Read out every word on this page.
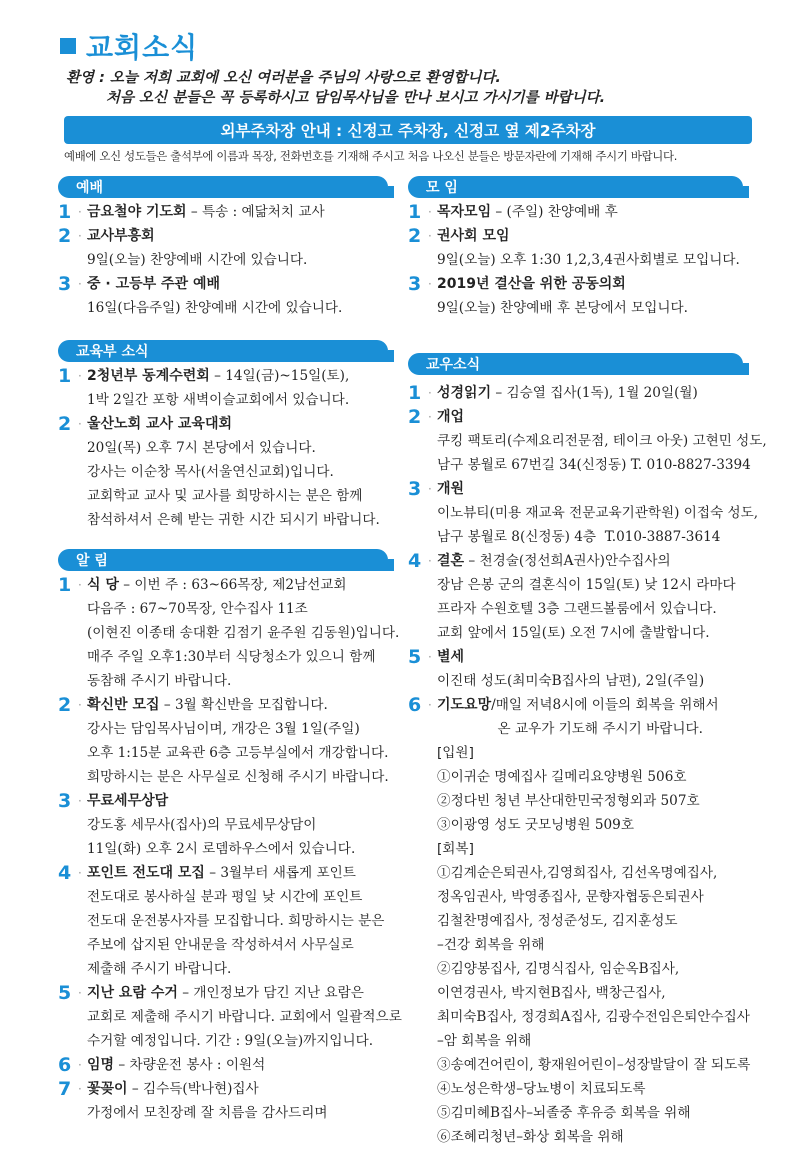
교회소식
환영 : 오늘 저희 교회에 오신 여러분을 주님의 사랑으로 환영합니다.
처음 오신 분들은 꼭 등록하시고 담임목사님을 만나 보시고 가시기를 바랍니다.
외부주차장 안내 : 신정고 주차장, 신정고 옆 제2주차장
예배에 오신 성도들은 출석부에 이름과 목장, 전화번호를 기재해 주시고 처음 나오신 분들은 방문자란에 기재해 주시기 바랍니다.
예배
1 · 금요철야 기도회 – 특송 : 예닮처치 교사
2 · 교사부흥회
9일(오늘) 찬양예배 시간에 있습니다.
3 · 중 · 고등부 주관 예배
16일(다음주일) 찬양예배 시간에 있습니다.
교육부 소식
1 · 2청년부 동계수련회 – 14일(금)~15일(토),
1박 2일간 포항 새벽이슬교회에서 있습니다.
2 · 울산노회 교사 교육대회
20일(목) 오후 7시 본당에서 있습니다.
강사는 이순창 목사(서울연신교회)입니다.
교회학교 교사 및 교사를 희망하시는 분은 함께
참석하셔서 은혜 받는 귀한 시간 되시기 바랍니다.
알 림
1 · 식 당 – 이번 주 : 63~66목장, 제2남선교회
다음주 : 67~70목장, 안수집사 11조
(이현진 이종태 송대환 김점기 윤주원 김동원)입니다.
매주 주일 오후1:30부터 식당청소가 있으니 함께
동참해 주시기 바랍니다.
2 · 확신반 모집 – 3월 확신반을 모집합니다.
강사는 담임목사님이며, 개강은 3월 1일(주일)
오후 1:15분 교육관 6층 고등부실에서 개강합니다.
희망하시는 분은 사무실로 신청해 주시기 바랍니다.
3 · 무료세무상담
강도홍 세무사(집사)의 무료세무상담이
11일(화) 오후 2시 로뎀하우스에서 있습니다.
4 · 포인트 전도대 모집 – 3월부터 새롭게 포인트
전도대로 봉사하실 분과 평일 낮 시간에 포인트
전도대 운전봉사자를 모집합니다. 희망하시는 분은
주보에 삽지된 안내문을 작성하셔서 사무실로
제출해 주시기 바랍니다.
5 · 지난 요람 수거 – 개인정보가 담긴 지난 요람은
교회로 제출해 주시기 바랍니다. 교회에서 일괄적으로
수거할 예정입니다. 기간 : 9일(오늘)까지입니다.
6 · 임명 – 차량운전 봉사 : 이원석
7 · 꽃꽂이 – 김수득(박나현)집사
가정에서 모친장례 잘 치름을 감사드리며
모 임
1 · 목자모임 – (주일) 찬양예배 후
2 · 권사회 모임
9일(오늘) 오후 1:30 1,2,3,4권사회별로 모입니다.
3 · 2019년 결산을 위한 공동의회
9일(오늘) 찬양예배 후 본당에서 모입니다.
교우소식
1 · 성경읽기 – 김승열 집사(1독), 1월 20일(월)
2 · 개업
쿠킹 팩토리(수제요리전문점, 테이크 아웃) 고현민 성도,
남구 봉월로 67번길 34(신정동) T. 010-8827-3394
3 · 개원
이노뷰티(미용 재교육 전문교육기관학원) 이접숙 성도,
남구 봉월로 8(신정동) 4층  T.010-3887-3614
4 · 결혼 – 천경술(정선희A권사)안수집사의
장남 은봉 군의 결혼식이 15일(토) 낮 12시 라마다
프라자 수원호텔 3층 그랜드볼룸에서 있습니다.
교회 앞에서 15일(토) 오전 7시에 출발합니다.
5 · 별세
이진태 성도(최미숙B집사의 남편), 2일(주일)
6 · 기도요망/매일 저녁8시에 이들의 회복을 위해서
온 교우가 기도해 주시기 바랍니다.
[입원]
①이귀순 명예집사 길메리요양병원 506호
②정다빈 청년 부산대한민국정형외과 507호
③이광영 성도 굿모닝병원 509호
[회복]
①김계순은퇴권사,김영희집사, 김선옥명예집사,
정옥임권사, 박영종집사, 문향자협동은퇴권사
김철찬명예집사, 정성준성도, 김지훈성도
–건강 회복을 위해
②김양봉집사, 김명식집사, 임순옥B집사,
이연경권사, 박지현B집사, 백창근집사,
최미숙B집사, 정경희A집사, 김광수전임은퇴안수집사
–암 회복을 위해
③송예건어린이, 황재원어린이–성장발달이 잘 되도록
④노성은학생–당뇨병이 치료되도록
⑤김미혜B집사–뇌졸중 후유증 회복을 위해
⑥조혜리청년–화상 회복을 위해
